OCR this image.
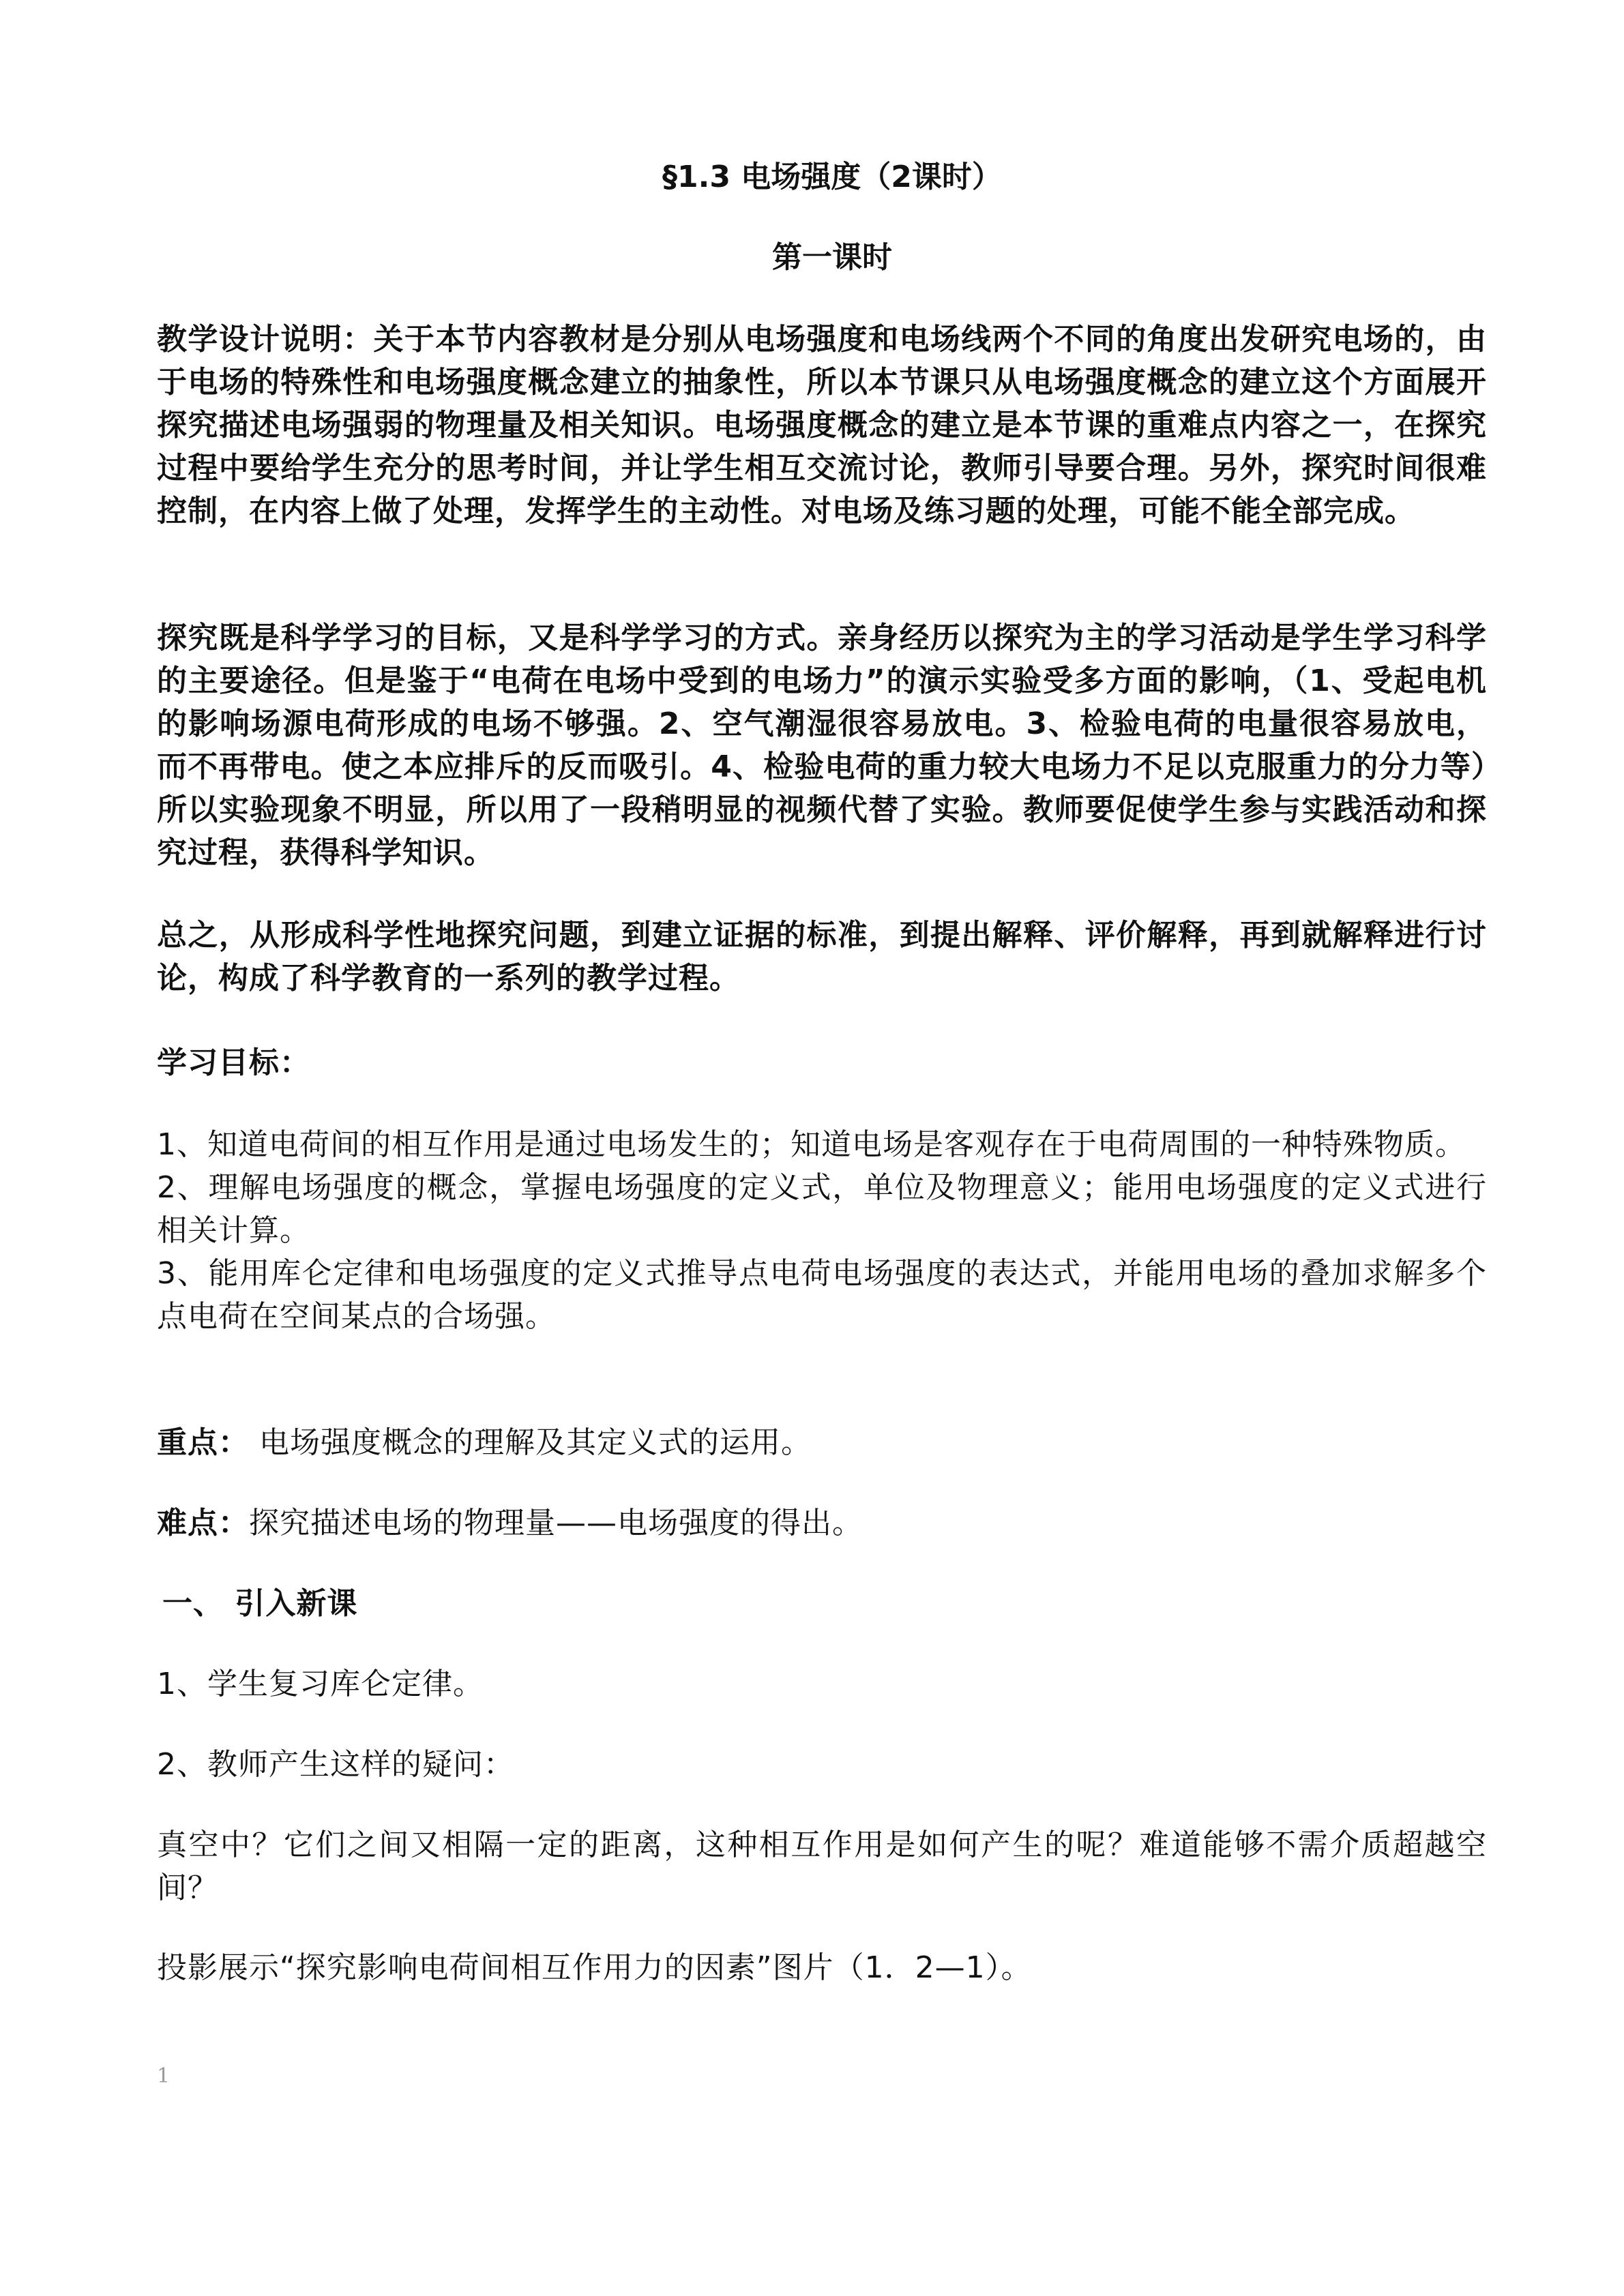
§1.3 电场强度（2课时）
第一课时
教学设计说明：关于本节内容教材是分别从电场强度和电场线两个不同的角度出发研究电场的，由于电场的特殊性和电场强度概念建立的抽象性，所以本节课只从电场强度概念的建立这个方面展开探究描述电场强弱的物理量及相关知识。电场强度概念的建立是本节课的重难点内容之一，在探究过程中要给学生充分的思考时间，并让学生相互交流讨论，教师引导要合理。另外，探究时间很难控制，在内容上做了处理，发挥学生的主动性。对电场及练习题的处理，可能不能全部完成。
探究既是科学学习的目标，又是科学学习的方式。亲身经历以探究为主的学习活动是学生学习科学的主要途径。但是鉴于“电荷在电场中受到的电场力”的演示实验受多方面的影响，（1、受起电机的影响场源电荷形成的电场不够强。2、空气潮湿很容易放电。3、检验电荷的电量很容易放电，而不再带电。使之本应排斥的反而吸引。4、检验电荷的重力较大电场力不足以克服重力的分力等）所以实验现象不明显，所以用了一段稍明显的视频代替了实验。教师要促使学生参与实践活动和探究过程，获得科学知识。
总之，从形成科学性地探究问题，到建立证据的标准，到提出解释、评价解释，再到就解释进行讨论，构成了科学教育的一系列的教学过程。
学习目标：
1、知道电荷间的相互作用是通过电场发生的；知道电场是客观存在于电荷周围的一种特殊物质。
2、理解电场强度的概念，掌握电场强度的定义式，单位及物理意义；能用电场强度的定义式进行相关计算。
3、能用库仑定律和电场强度的定义式推导点电荷电场强度的表达式，并能用电场的叠加求解多个点电荷在空间某点的合场强。
重点： 电场强度概念的理解及其定义式的运用。
难点：探究描述电场的物理量——电场强度的得出。
一、 引入新课
1、学生复习库仑定律。
2、教师产生这样的疑问：
真空中？它们之间又相隔一定的距离，这种相互作用是如何产生的呢？难道能够不需介质超越空间？
投影展示“探究影响电荷间相互作用力的因素”图片（1．2—1）。
1
